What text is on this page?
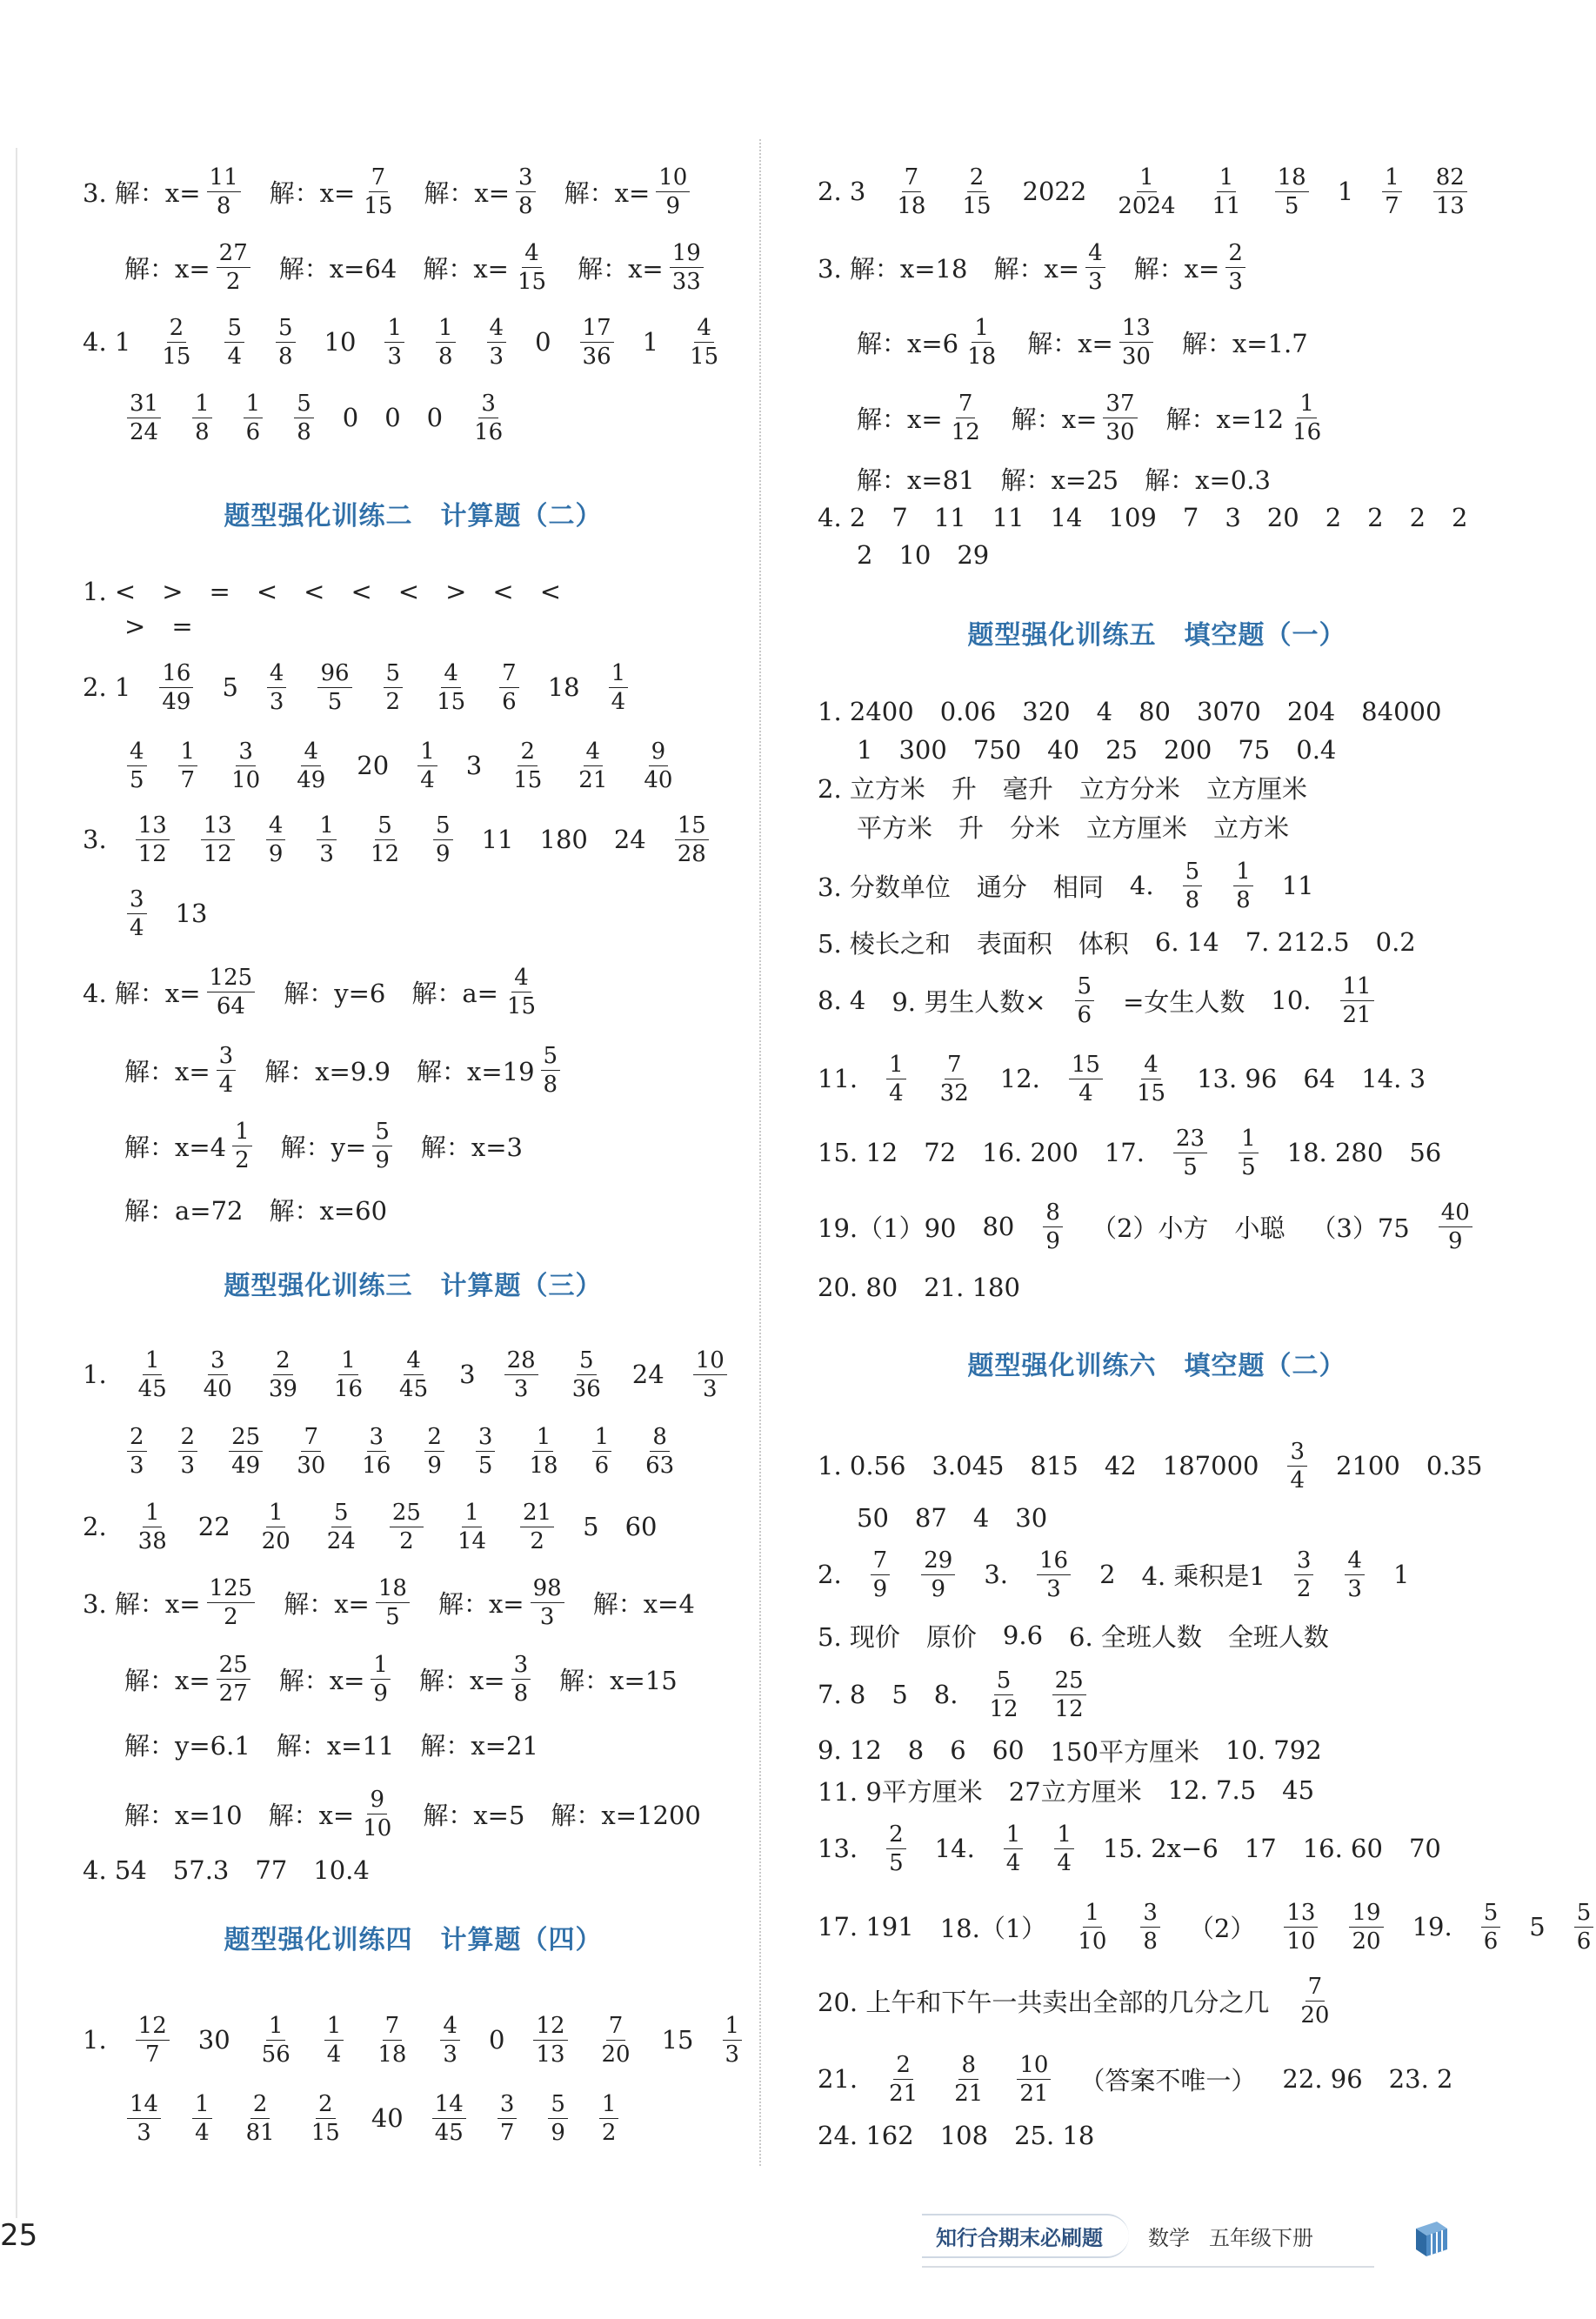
题型强化训练二 计算题（二）
题型强化训练三 计算题（三）
题型强化训练四 计算题（四）
3. 解：$x= \frac{11}{8}$ 解：$x= \frac{7}{15}$ 解：$x= \frac{3}{8}$ 解：$x= \frac{10}{9}$
解：$x= \frac{27}{2}$ 解：x=64 解：$x= \frac{4}{15}$ 解：$x= \frac{19}{33}$
4. $1 \frac{2}{15} \frac{5}{4} \frac{5}{8} 10 \frac{1}{3} \frac{1}{8} \frac{4}{3} 0 \frac{17}{36} 1 \frac{4}{15}$
$\frac{31}{24} \frac{1}{8} \frac{1}{6} \frac{5}{8} 0$ 0 $0 \frac{3}{16}$
1. < > = < < < < > < <
> =
2. $1 \frac{16}{49} 5 \frac{4}{3} \frac{96}{5} \frac{5}{2} \frac{4}{15} \frac{7}{6} 18 \frac{1}{4}$
$\frac{4}{5} \frac{1}{7} \frac{3}{10} \frac{4}{49} 20 \frac{1}{4} 3 \frac{2}{15} \frac{4}{21} \frac{9}{40}$
3. $\frac{13}{12} \frac{13}{12} \frac{4}{9} \frac{1}{3} \frac{5}{12} \frac{5}{9} 11$ 180 $24 \frac{15}{28}$
$\frac{3}{4} 13$
4. 解：$x= \frac{125}{64}$ 解：y=6 解：$a= \frac{4}{15}$
解：$x= \frac{3}{4}$ 解：x=9.9 解：$x=19 \frac{5}{8}$
解：$x=4 \frac{1}{2}$ 解：$y= \frac{5}{9}$ 解：x=3
解：a=72 解：x=60
1. $\frac{1}{45} \frac{3}{40} \frac{2}{39} \frac{1}{16} \frac{4}{45} 3 \frac{28}{3} \frac{5}{36} 24 \frac{10}{3}$
$\frac{2}{3} \frac{2}{3} \frac{25}{49} \frac{7}{30} \frac{3}{16} \frac{2}{9} \frac{3}{5} \frac{1}{18} \frac{1}{6} \frac{8}{63}$
2. $\frac{1}{38} 22 \frac{1}{20} \frac{5}{24} \frac{25}{2} \frac{1}{14} \frac{21}{2} 5$ 60
3. 解：$x= \frac{125}{2}$ 解：$x= \frac{18}{5}$ 解：$x= \frac{98}{3}$ 解：x=4
解：$x= \frac{25}{27}$ 解：$x= \frac{1}{9}$ 解：$x= \frac{3}{8}$ 解：x=15
解：y=6.1 解：x=11 解：x=21
解：x=10 解：$x= \frac{9}{10}$ 解：x=5 解：x=1200
4. 54 57.3 77 10.4
1. $\frac{12}{7} 30 \frac{1}{56} \frac{1}{4} \frac{7}{18} \frac{4}{3} 0 \frac{12}{13} \frac{7}{20} 15 \frac{1}{3}$
$\frac{14}{3} \frac{1}{4} \frac{2}{81} \frac{2}{15} 40 \frac{14}{45} \frac{3}{7} \frac{5}{9} \frac{1}{2}$
题型强化训练五 填空题（一）
题型强化训练六 填空题（二）
2. $3 \frac{7}{18} \frac{2}{15} 2022 \frac{1}{2024} \frac{1}{11} \frac{18}{5} 1 \frac{1}{7} \frac{82}{13}$
3. 解：x=18 解：$x= \frac{4}{3}$ 解：$x= \frac{2}{3}$
解：$x=6 \frac{1}{18}$ 解：$x= \frac{13}{30}$ 解：x=1.7
解：$x= \frac{7}{12}$ 解：$x= \frac{37}{30}$ 解：$x=12 \frac{1}{16}$
解：x=81 解：x=25 解：x=0.3
4. 2 7 11 11 14 109 7 3 20 2 2 2 2
2 10 29
1. 2400 0.06 320 4 80 3070 204 84000
1 300 750 40 25 200 75 0.4
2. 立方米 升 毫升 立方分米 立方厘米
平方米 升 分米 立方厘米 立方米
3. 分数单位 通分 相同 4. $\frac{5}{8} \frac{1}{8} 11$
5. 棱长之和 表面积 体积 6. 14 7. 212.5 0.2
8. 4 9. 男生人数× $\frac{5}{6}$ =女生人数 10. $\frac{11}{21}$
11. $\frac{1}{4} \frac{7}{32} 12$. $\frac{15}{4} \frac{4}{15} 13$. 96 64 14. 3
15. 12 72 16. 200 17. $\frac{23}{5} \frac{1}{5} 18$. 280 56
19.（1）90 $80 \frac{8}{9} (2)$小方 小聪 $(3)75 \frac{40}{9}$
20. 80 21. 180
1. 0.56 3.045 815 42 $187000 \frac{3}{4} 2100$ 0.35
50 87 4 30
2. $\frac{7}{9} \frac{29}{9} 3$. $\frac{16}{3} 2$ 4. 乘积是$1 \frac{3}{2} \frac{4}{3} 1$
5. 现价 原价 9.6 6. 全班人数 全班人数
7. 8 5 8. $\frac{5}{12} \frac{25}{12}$
9. 12 8 6 60 150平方厘米 10. 792
11. 9平方厘米 27立方厘米 12. 7.5 45
13. $\frac{2}{5} 14$. $\frac{1}{4} \frac{1}{4} 15$. 2x−6 17 16. 60 70
17. 191 $18.(1) \frac{1}{10} \frac{3}{8} (2) \frac{13}{10} \frac{19}{20} 19$. $\frac{5}{6} 5 \frac{5}{6}$
20. 上午和下午一共卖出全部的几分之几 $\frac{7}{20}$
21. $\frac{2}{21} \frac{8}{21} \frac{10}{21}$ （答案不唯一） 22. 96 23. 2
24. 162 108 25. 18
25	知行合期末必刷题	数学 五年级下册
